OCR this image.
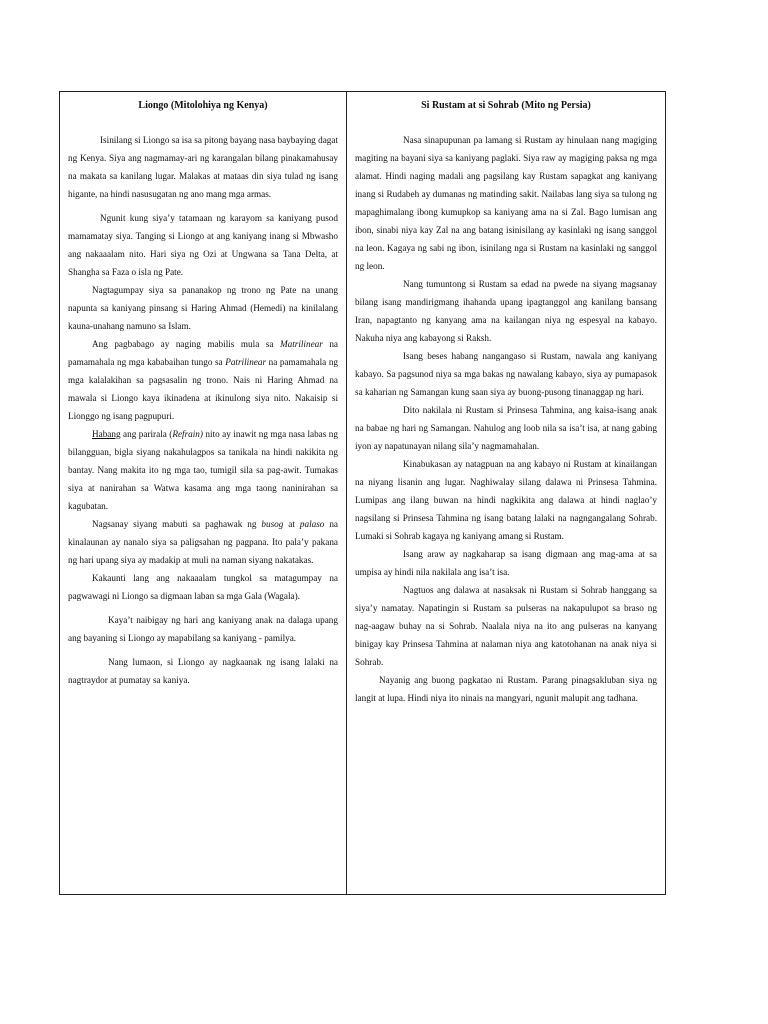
Liongo (Mitolohiya ng Kenya)

Isinilang si Liongo sa isa sa pitong bayang nasa baybaying dagat ng Kenya. Siya ang nagmamay-ari ng karangalan bilang pinakamahusay na makata sa kanilang lugar. Malakas at mataas din siya tulad ng isang higante, na hindi nasusugatan ng ano mang mga armas.

Ngunit kung siya’y tatamaan ng karayom sa kaniyang pusod mamamatay siya. Tanging si Liongo at ang kaniyang inang si Mbwasho ang nakaaalam nito. Hari siya ng Ozi at Ungwana sa Tana Delta, at Shangha sa Faza o isla ng Pate.

Nagtagumpay siya sa pananakop ng trono ng Pate na unang napunta sa kaniyang pinsang si Haring Ahmad (Hemedi) na kinilalang kauna-unahang namuno sa Islam.

Ang pagbabago ay naging mabilis mula sa Matrilinear na pamamahala ng mga kababaihan tungo sa Patrilinear na pamamahala ng mga kalalakihan sa pagsasalin ng trono. Nais ni Haring Ahmad na mawala si Liongo kaya ikinadena at ikinulong siya nito. Nakaisip si Lionggo ng isang pagpupuri.

Habang ang parirala (Refrain) nito ay inawit ng mga nasa labas ng bilangguan, bigla siyang nakahulagpos sa tanikala na hindi nakikita ng bantay. Nang makita ito ng mga tao, tumigil sila sa pag-awit. Tumakas siya at nanirahan sa Watwa kasama ang mga taong naninirahan sa kagubatan.

Nagsanay siyang mabuti sa paghawak ng busog at palaso na kinalaunan ay nanalo siya sa paligsahan ng pagpana. Ito pala’y pakana ng hari upang siya ay madakip at muli na naman siyang nakatakas.

Kakaunti lang ang nakaaalam tungkol sa matagumpay na pagwawagi ni Liongo sa digmaan laban sa mga Gala (Wagala).

Kaya’t naibigay ng hari ang kaniyang anak na dalaga upang ang bayaning si Liongo ay mapabilang sa kaniyang - pamilya.

Nang lumaon, si Liongo ay nagkaanak ng isang lalaki na nagtraydor at pumatay sa kaniya.

Si Rustam at si Sohrab (Mito ng Persia)

Nasa sinapupunan pa lamang si Rustam ay hinulaan nang magiging magiting na bayani siya sa kaniyang paglaki. Siya raw ay magiging paksa ng mga alamat. Hindi naging madali ang pagsilang kay Rustam sapagkat ang kaniyang inang si Rudabeh ay dumanas ng matinding sakit. Nailabas lang siya sa tulong ng mapaghimalang ibong kumupkop sa kaniyang ama na si Zal. Bago lumisan ang ibon, sinabi niya kay Zal na ang batang isinisilang ay kasinlaki ng isang sanggol na leon. Kagaya ng sabi ng ibon, isinilang nga si Rustam na kasinlaki ng sanggol ng leon.

Nang tumuntong si Rustam sa edad na pwede na siyang magsanay bilang isang mandirigmang ihahanda upang ipagtanggol ang kanilang bansang Iran, napagtanto ng kanyang ama na kailangan niya ng espesyal na kabayo. Nakuha niya ang kabayong si Raksh.

Isang beses habang nangangaso si Rustam, nawala ang kaniyang kabayo. Sa pagsunod niya sa mga bakas ng nawalang kabayo, siya ay pumapasok sa kaharian ng Samangan kung saan siya ay buong-pusong tinanaggap ng hari.

Dito nakilala ni Rustam si Prinsesa Tahmina, ang kaisa-isang anak na babae ng hari ng Samangan. Nahulog ang loob nila sa isa’t isa, at nang gabing iyon ay napatunayan nilang sila’y nagmamahalan.

Kinabukasan ay natagpuan na ang kabayo ni Rustam at kinailangan na niyang lisanin ang lugar. Naghiwalay silang dalawa ni Prinsesa Tahmina. Lumipas ang ilang buwan na hindi nagkikita ang dalawa at hindi naglao’y nagsilang si Prinsesa Tahmina ng isang batang lalaki na nagngangalang Sohrab. Lumaki si Sohrab kagaya ng kaniyang amang si Rustam.

Isang araw ay nagkaharap sa isang digmaan ang mag-ama at sa umpisa ay hindi nila nakilala ang isa’t isa.

Nagtuos ang dalawa at nasaksak ni Rustam si Sohrab hanggang sa siya’y namatay. Napatingin si Rustam sa pulseras na nakapulupot sa braso ng nag-aagaw buhay na si Sohrab. Naalala niya na ito ang pulseras na kanyang binigay kay Prinsesa Tahmina at nalaman niya ang katotohanan na anak niya si Sohrab.

Nayanig ang buong pagkatao ni Rustam. Parang pinagsakluban siya ng langit at lupa. Hindi niya ito ninais na mangyari, ngunit malupit ang tadhana.
